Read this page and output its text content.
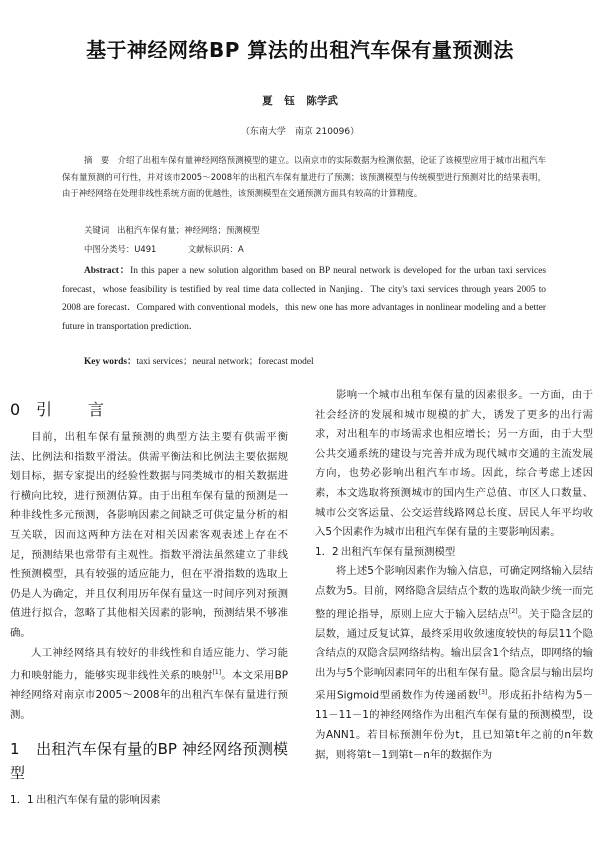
基于神经网络BP 算法的出租汽车保有量预测法
夏 钰 陈学武
（东南大学　南京 210096）
摘　要　介绍了出租车保有量神经网络预测模型的建立。以南京市的实际数据为检测依据，论证了该模型应用于城市出租汽车保有量预测的可行性，并对该市2005～2008年的出租汽车保有量进行了预测；该预测模型与传统模型进行预测对比的结果表明，由于神经网络在处理非线性系统方面的优越性，该预测模型在交通预测方面具有较高的计算精度。
关键词 出租汽车保有量；神经网络；预测模型
中图分类号：U491	文献标识码：A
Abstract：In this paper a new solution algorithm based on BP neural network is developed for the urban taxi services forecast，whose feasibility is testified by real time data collected in Nanjing．The city's taxi services through years 2005 to 2008 are forecast．Compared with conventional models，this new one has more advantages in nonlinear modeling and a better future in transportation prediction．
Key words：taxi services；neural network；forecast model
0 引　言

目前，出租车保有量预测的典型方法主要有供需平衡法、比例法和指数平滑法。供需平衡法和比例法主要依据规划目标，据专家提出的经验性数据与同类城市的相关数据进行横向比较，进行预测估算。由于出租车保有量的预测是一种非线性多元预测，各影响因素之间缺乏可供定量分析的相互关联，因而这两种方法在对相关因素客观表述上存在不足，预测结果也常带有主观性。指数平滑法虽然建立了非线性预测模型，具有较强的适应能力，但在平滑指数的选取上仍是人为确定，并且仅利用历年保有量这一时间序列对预测值进行拟合，忽略了其他相关因素的影响，预测结果不够准确。

人工神经网络具有较好的非线性和自适应能力、学习能力和映射能力，能够实现非线性关系的映射[1]。本文采用BP 神经网络对南京市2005～2008年的出租汽车保有量进行预测。

1 出租汽车保有量的BP 神经网络预测模型

1．1 出租汽车保有量的影响因素

影响一个城市出租车保有量的因素很多。一方面，由于社会经济的发展和城市规模的扩大，诱发了更多的出行需求，对出租车的市场需求也相应增长；另一方面，由于大型公共交通系统的建设与完善并成为现代城市交通的主流发展方向，也势必影响出租汽车市场。因此，综合考虑上述因素，本文选取将预测城市的国内生产总值、市区人口数量、城市公交客运量、公交运营线路网总长度、居民人年平均收入5个因素作为城市出租汽车保有量的主要影响因素。

1．2 出租汽车保有量预测模型

将上述5个影响因素作为输入信息，可确定网络输入层结点数为5。目前，网络隐含层结点个数的选取尚缺少统一而完整的理论指导，原则上应大于输入层结点[2]。关于隐含层的层数，通过反复试算，最终采用收敛速度较快的每层11个隐含结点的双隐含层网络结构。输出层含1个结点，即网络的输出为与5个影响因素同年的出租车保有量。隐含层与输出层均采用Sigmoid型函数作为传递函数[3]。形成拓扑结构为5－11－11－1的神经网络作为出租汽车保有量的预测模型，设为ANN1。若目标预测年份为t，且已知第t年之前的n年数据，则将第t－1到第t－n年的数据作为
